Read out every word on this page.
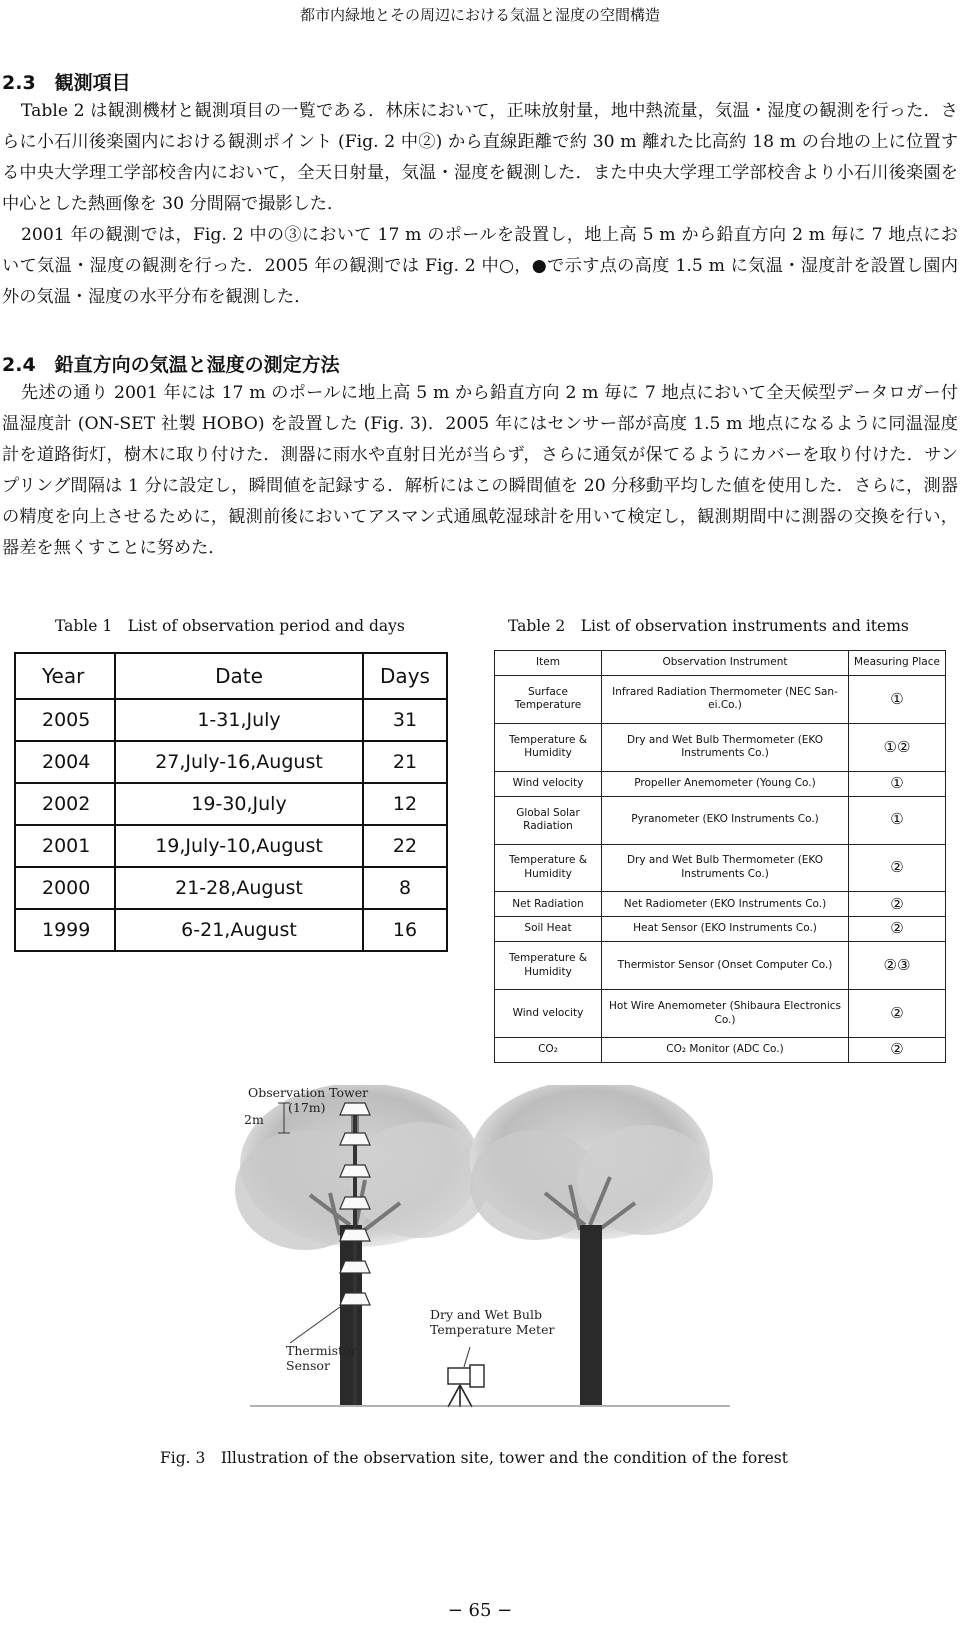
都市内緑地とその周辺における気温と湿度の空間構造
2.3　観測項目

Table 2 は観測機材と観測項目の一覧である．林床において，正味放射量，地中熱流量，気温・湿度の観測を行った．さらに小石川後楽園内における観測ポイント (Fig. 2 中②) から直線距離で約 30 m 離れた比高約 18 m の台地の上に位置する中央大学理工学部校舎内において，全天日射量，気温・湿度を観測した．また中央大学理工学部校舎より小石川後楽園を中心とした熱画像を 30 分間隔で撮影した．

2001 年の観測では，Fig. 2 中の③において 17 m のポールを設置し，地上高 5 m から鉛直方向 2 m 毎に 7 地点において気温・湿度の観測を行った．2005 年の観測では Fig. 2 中○，●で示す点の高度 1.5 m に気温・湿度計を設置し園内外の気温・湿度の水平分布を観測した．

2.4　鉛直方向の気温と湿度の測定方法

先述の通り 2001 年には 17 m のポールに地上高 5 m から鉛直方向 2 m 毎に 7 地点において全天候型データロガー付温湿度計 (ON-SET 社製 HOBO) を設置した (Fig. 3)．2005 年にはセンサー部が高度 1.5 m 地点になるように同温湿度計を道路街灯，樹木に取り付けた．測器に雨水や直射日光が当らず，さらに通気が保てるようにカバーを取り付けた．サンプリング間隔は 1 分に設定し，瞬間値を記録する．解析にはこの瞬間値を 20 分移動平均した値を使用した．さらに，測器の精度を向上させるために，観測前後においてアスマン式通風乾湿球計を用いて検定し，観測期間中に測器の交換を行い，器差を無くすことに努めた．

Table 1　List of observation period and days	Table 2　List of observation instruments and items
Year	Date	Days
2005	1-31,July	31
2004	27,July-16,August	21
2002	19-30,July	12
2001	19,July-10,August	22
2000	21-28,August	8
1999	6-21,August	16
Item	Observation Instrument	Measuring Place
Surface Temperature	Infrared Radiation Thermometer (NEC San-ei.Co.)	①
Temperature & Humidity	Dry and Wet Bulb Thermometer (EKO Instruments Co.)	①②
Wind velocity	Propeller Anemometer (Young Co.)	①
Global Solar Radiation	Pyranometer (EKO Instruments Co.)	①
Temperature & Humidity	Dry and Wet Bulb Thermometer (EKO Instruments Co.)	②
Net Radiation	Net Radiometer (EKO Instruments Co.)	②
Soil Heat	Heat Sensor (EKO Instruments Co.)	②
Temperature & Humidity	Thermistor Sensor (Onset Computer Co.)	②③
Wind velocity	Hot Wire Anemometer (Shibaura Electronics Co.)	②
CO₂	CO₂ Monitor (ADC Co.)	②
Observation Tower
(17m)
2m
Dry and Wet Bulb
Temperature Meter
Thermistor
Sensor
Fig. 3　Illustration of the observation site, tower and the condition of the forest
− 65 −
